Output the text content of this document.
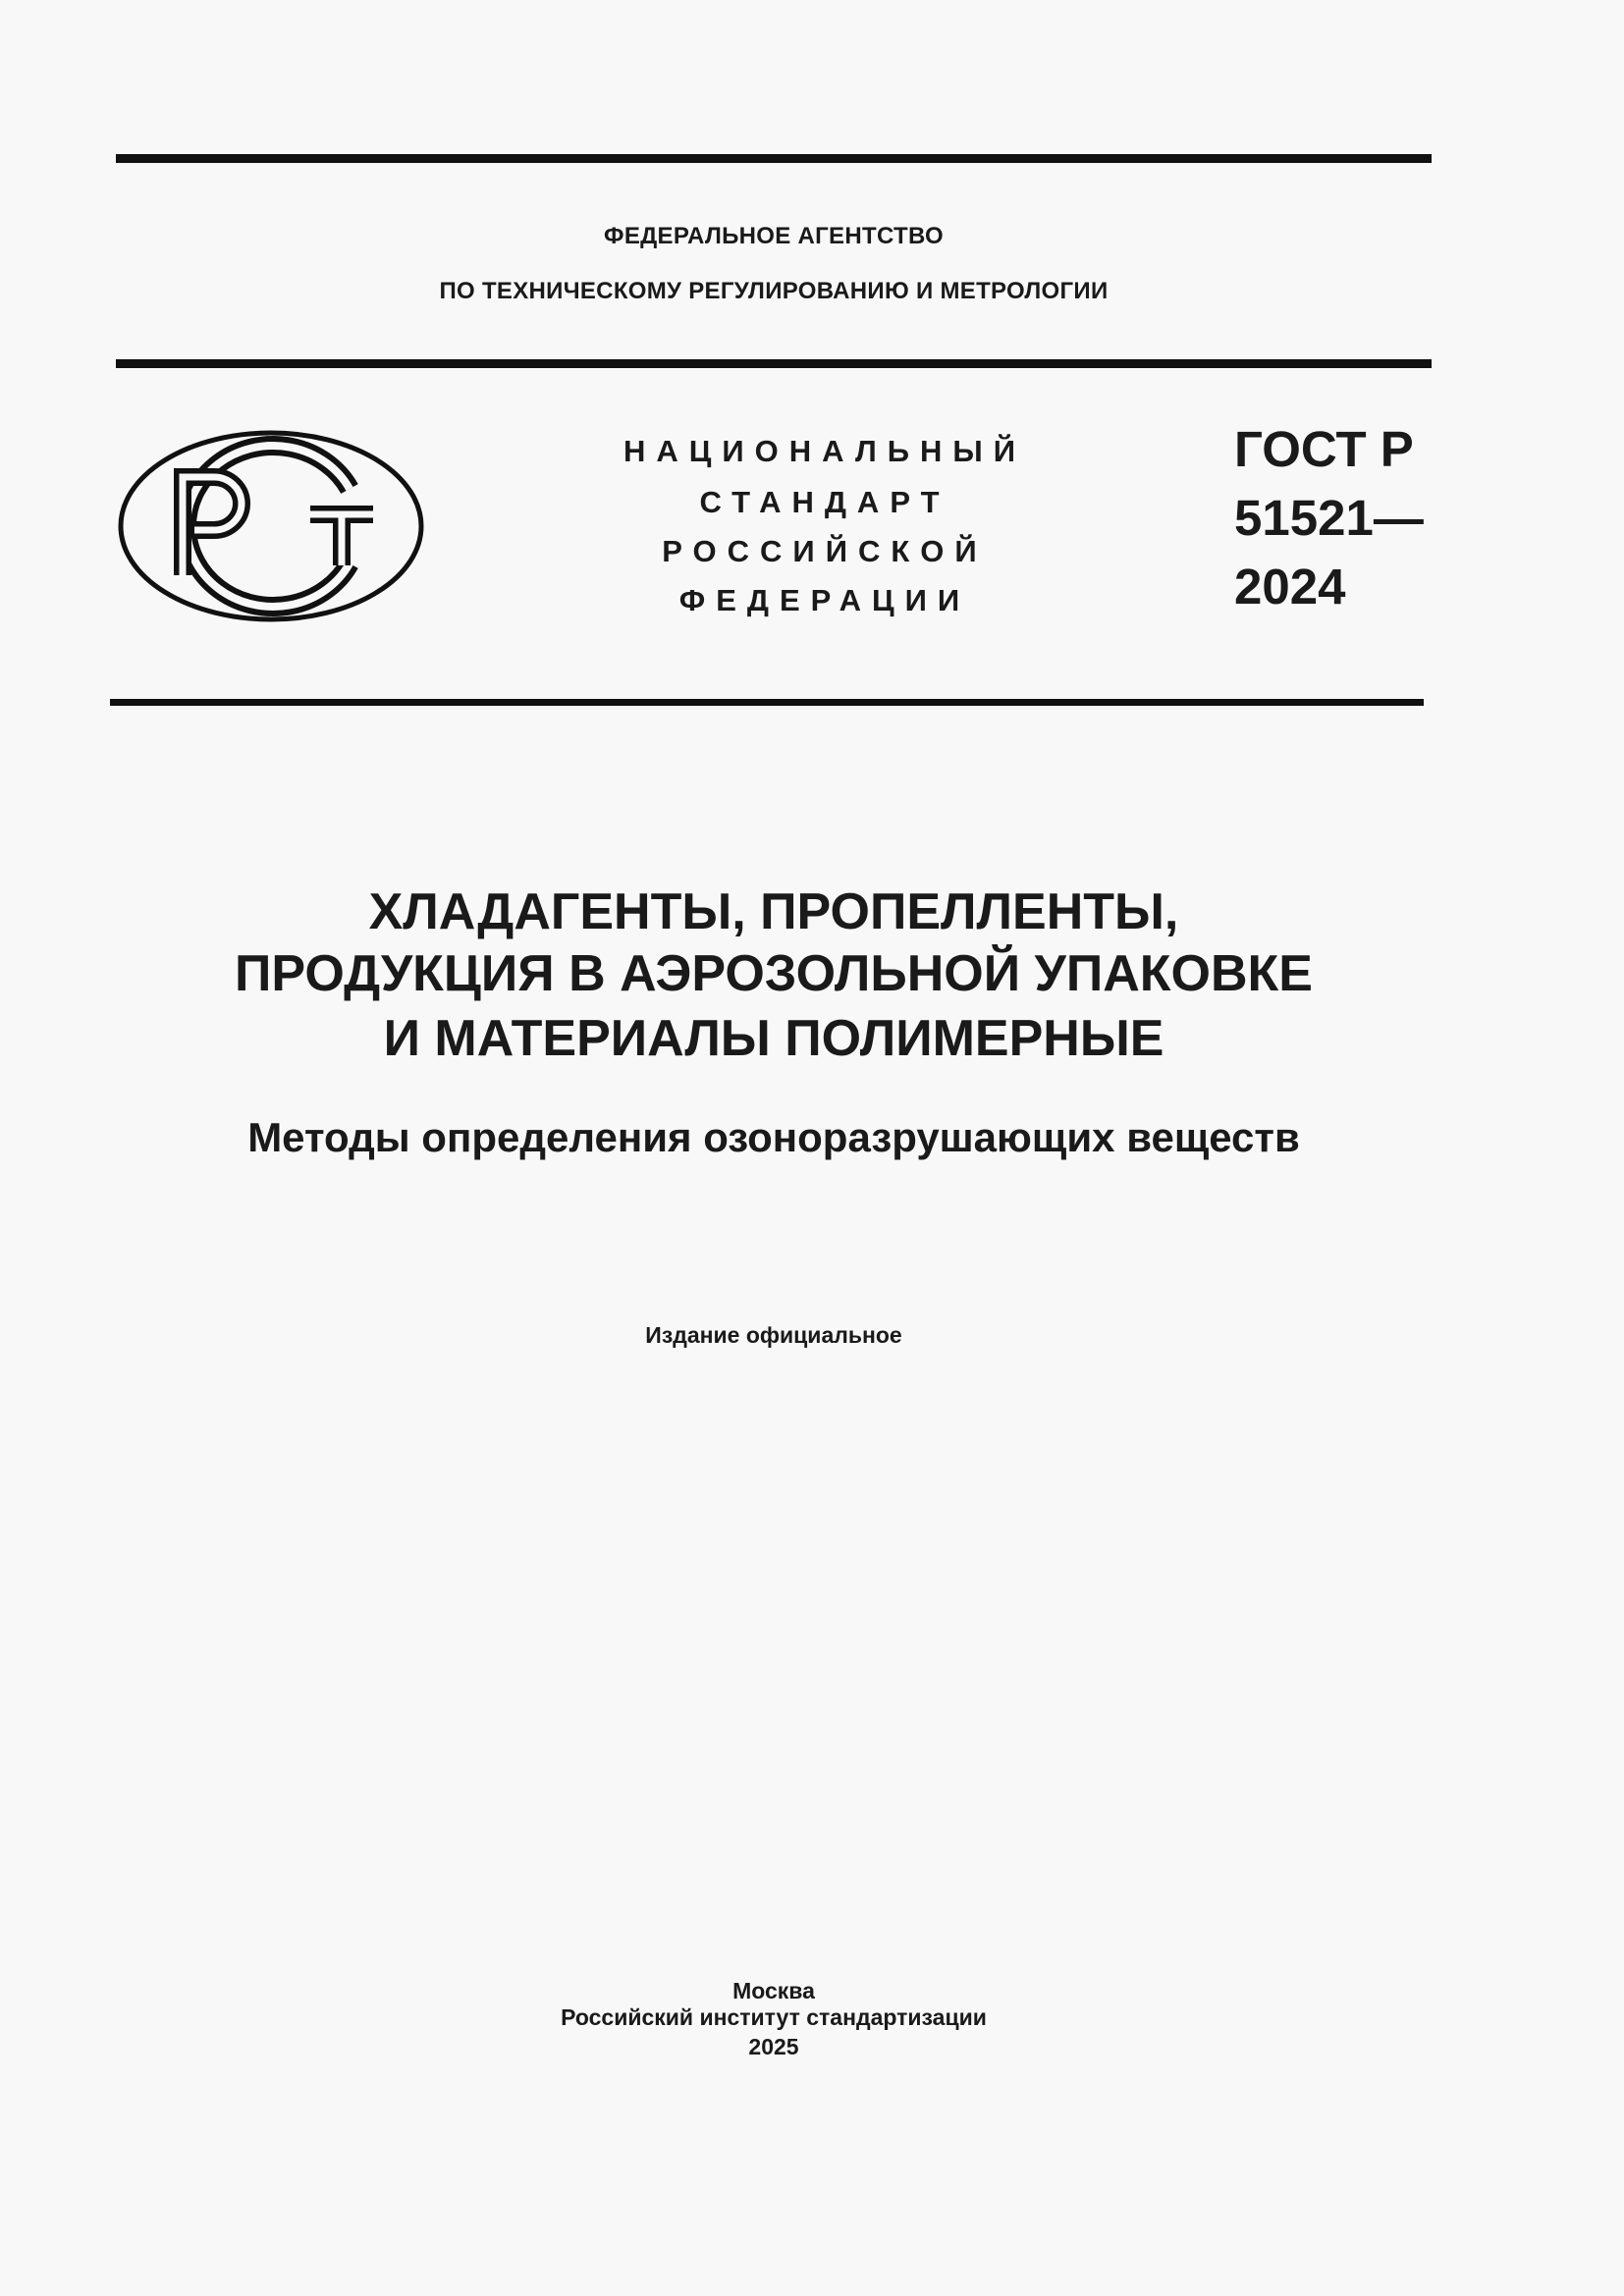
ФЕДЕРАЛЬНОЕ АГЕНТСТВО
ПО ТЕХНИЧЕСКОМУ РЕГУЛИРОВАНИЮ И МЕТРОЛОГИИ
НАЦИОНАЛЬНЫЙ
СТАНДАРТ
РОССИЙСКОЙ
ФЕДЕРАЦИИ
ГОСТ Р
51521—
2024
ХЛАДАГЕНТЫ, ПРОПЕЛЛЕНТЫ,
ПРОДУКЦИЯ В АЭРОЗОЛЬНОЙ УПАКОВКЕ
И МАТЕРИАЛЫ ПОЛИМЕРНЫЕ
Методы определения озоноразрушающих веществ
Издание официальное
Москва
Российский институт стандартизации
2025
